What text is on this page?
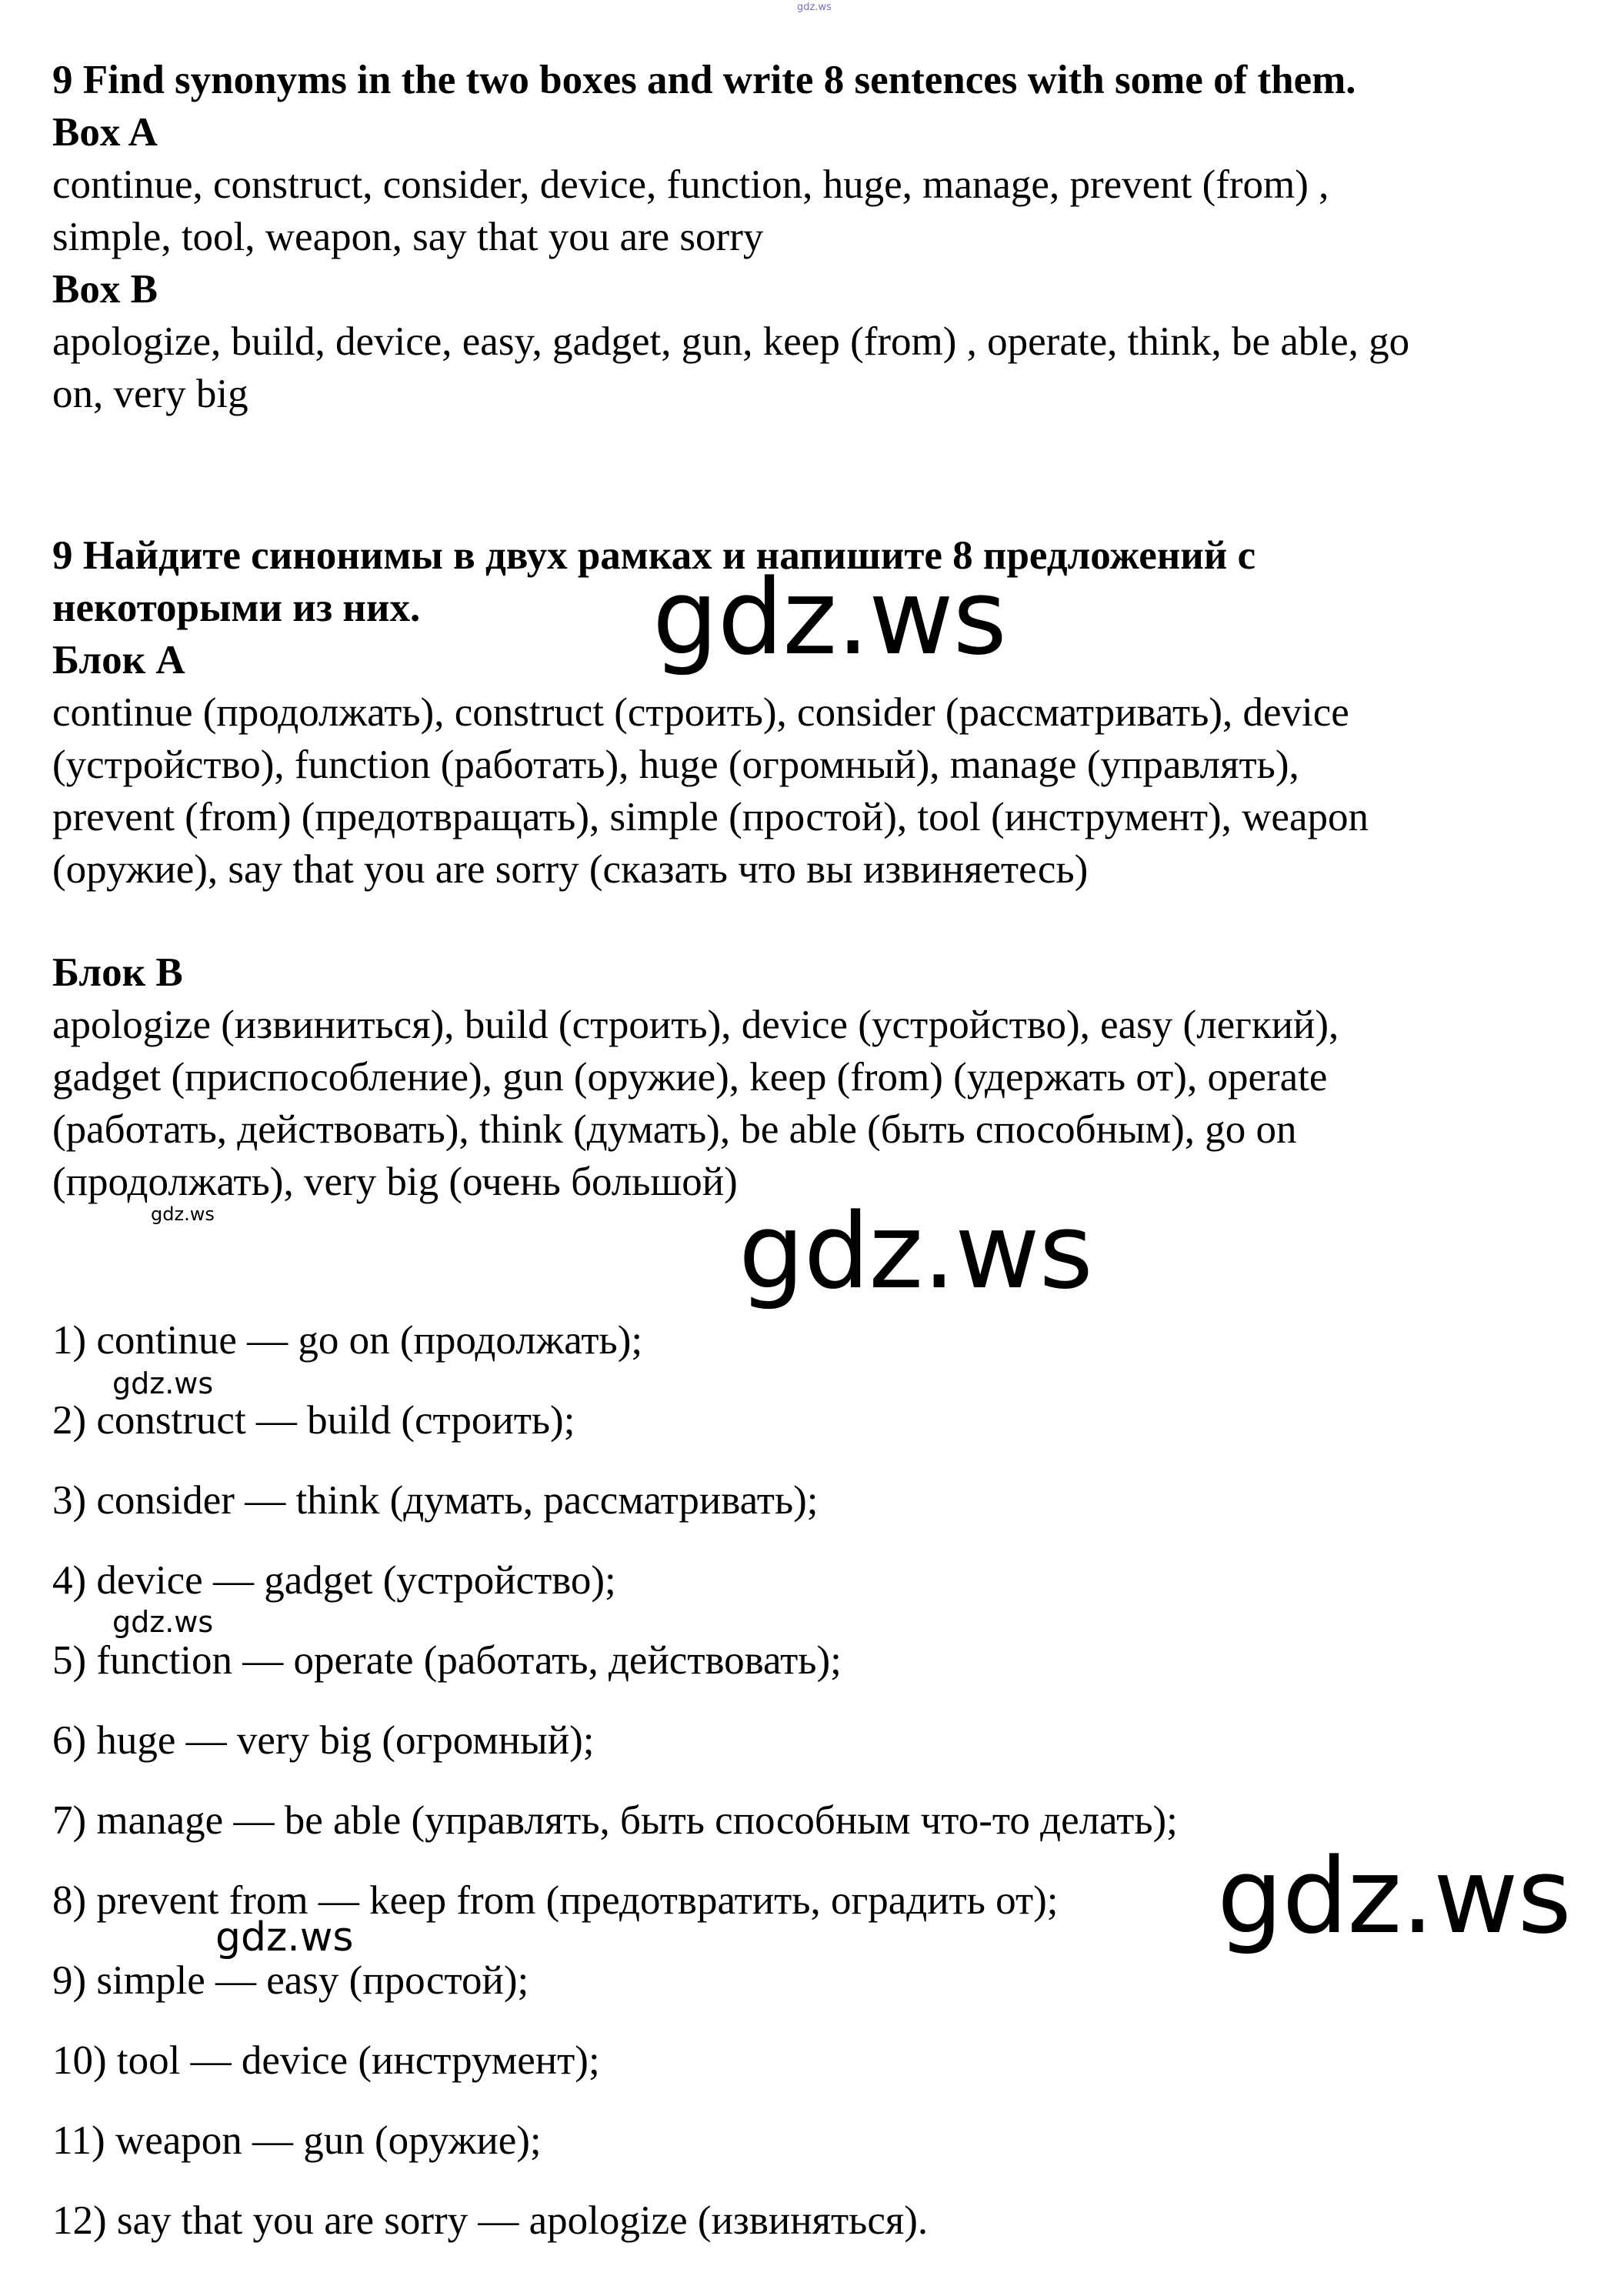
gdz.ws
9 Find synonyms in the two boxes and write 8 sentences with some of them.
Box A
continue, construct, consider, device, function, huge, manage, prevent (from) ,
simple, tool, weapon, say that you are sorry
Box B
apologize, build, device, easy, gadget, gun, keep (from) , operate, think, be able, go
on, very big
9 Найдите синонимы в двух рамках и напишите 8 предложений с
некоторыми из них.
Блок A
continue (продолжать), construct (строить), consider (рассматривать), device
(устройство), function (работать), huge (огромный), manage (управлять),
prevent (from) (предотвращать), simple (простой), tool (инструмент), weapon
(оружие), say that you are sorry (сказать что вы извиняетесь)
Блок B
apologize (извиниться), build (строить), device (устройство), easy (легкий),
gadget (приспособление), gun (оружие), keep (from) (удержать от), operate
(работать, действовать), think (думать), be able (быть способным), go on
(продолжать), very big (очень большой)
1) continue — go on (продолжать);
2) construct — build (строить);
3) consider — think (думать, рассматривать);
4) device — gadget (устройство);
5) function — operate (работать, действовать);
6) huge — very big (огромный);
7) manage — be able (управлять, быть способным что-то делать);
8) prevent from — keep from (предотвратить, оградить от);
9) simple — easy (простой);
10) tool — device (инструмент);
11) weapon — gun (оружие);
12) say that you are sorry — apologize (извиняться).
gdz.ws
gdz.ws	gdz.ws
gdz.ws
gdz.ws
gdz.ws
gdz.ws
